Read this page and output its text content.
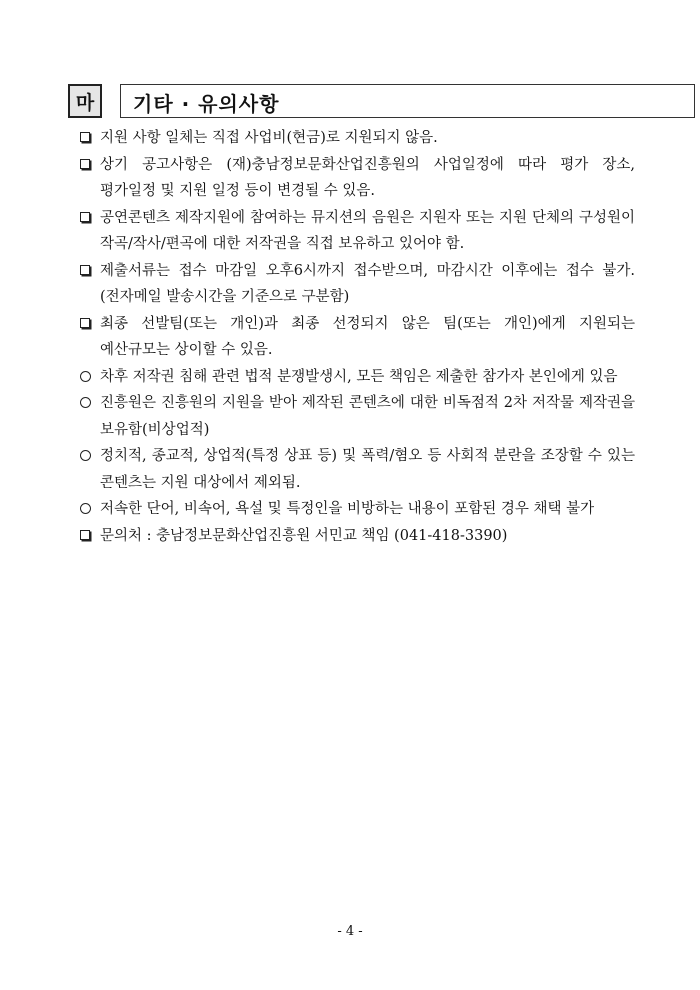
마	기타 · 유의사항
지원 사항 일체는 직접 사업비(현금)로 지원되지 않음.
상기 공고사항은 (재)충남정보문화산업진흥원의 사업일정에 따라 평가 장소, 평가일정 및 지원 일정 등이 변경될 수 있음.
공연콘텐츠 제작지원에 참여하는 뮤지션의 음원은 지원자 또는 지원 단체의 구성원이 작곡/작사/편곡에 대한 저작권을 직접 보유하고 있어야 함.
제출서류는 접수 마감일 오후6시까지 접수받으며, 마감시간 이후에는 접수 불가.(전자메일 발송시간을 기준으로 구분함)
최종 선발팀(또는 개인)과 최종 선정되지 않은 팀(또는 개인)에게 지원되는 예산규모는 상이할 수 있음.
차후 저작권 침해 관련 법적 분쟁발생시, 모든 책임은 제출한 참가자 본인에게 있음
진흥원은 진흥원의 지원을 받아 제작된 콘텐츠에 대한 비독점적 2차 저작물 제작권을 보유함(비상업적)
정치적, 종교적, 상업적(특정 상표 등) 및 폭력/혐오 등 사회적 분란을 조장할 수 있는 콘텐츠는 지원 대상에서 제외됨.
저속한 단어, 비속어, 욕설 및 특정인을 비방하는 내용이 포함된 경우 채택 불가
문의처 : 충남정보문화산업진흥원 서민교 책임 (041-418-3390)
- 4 -
